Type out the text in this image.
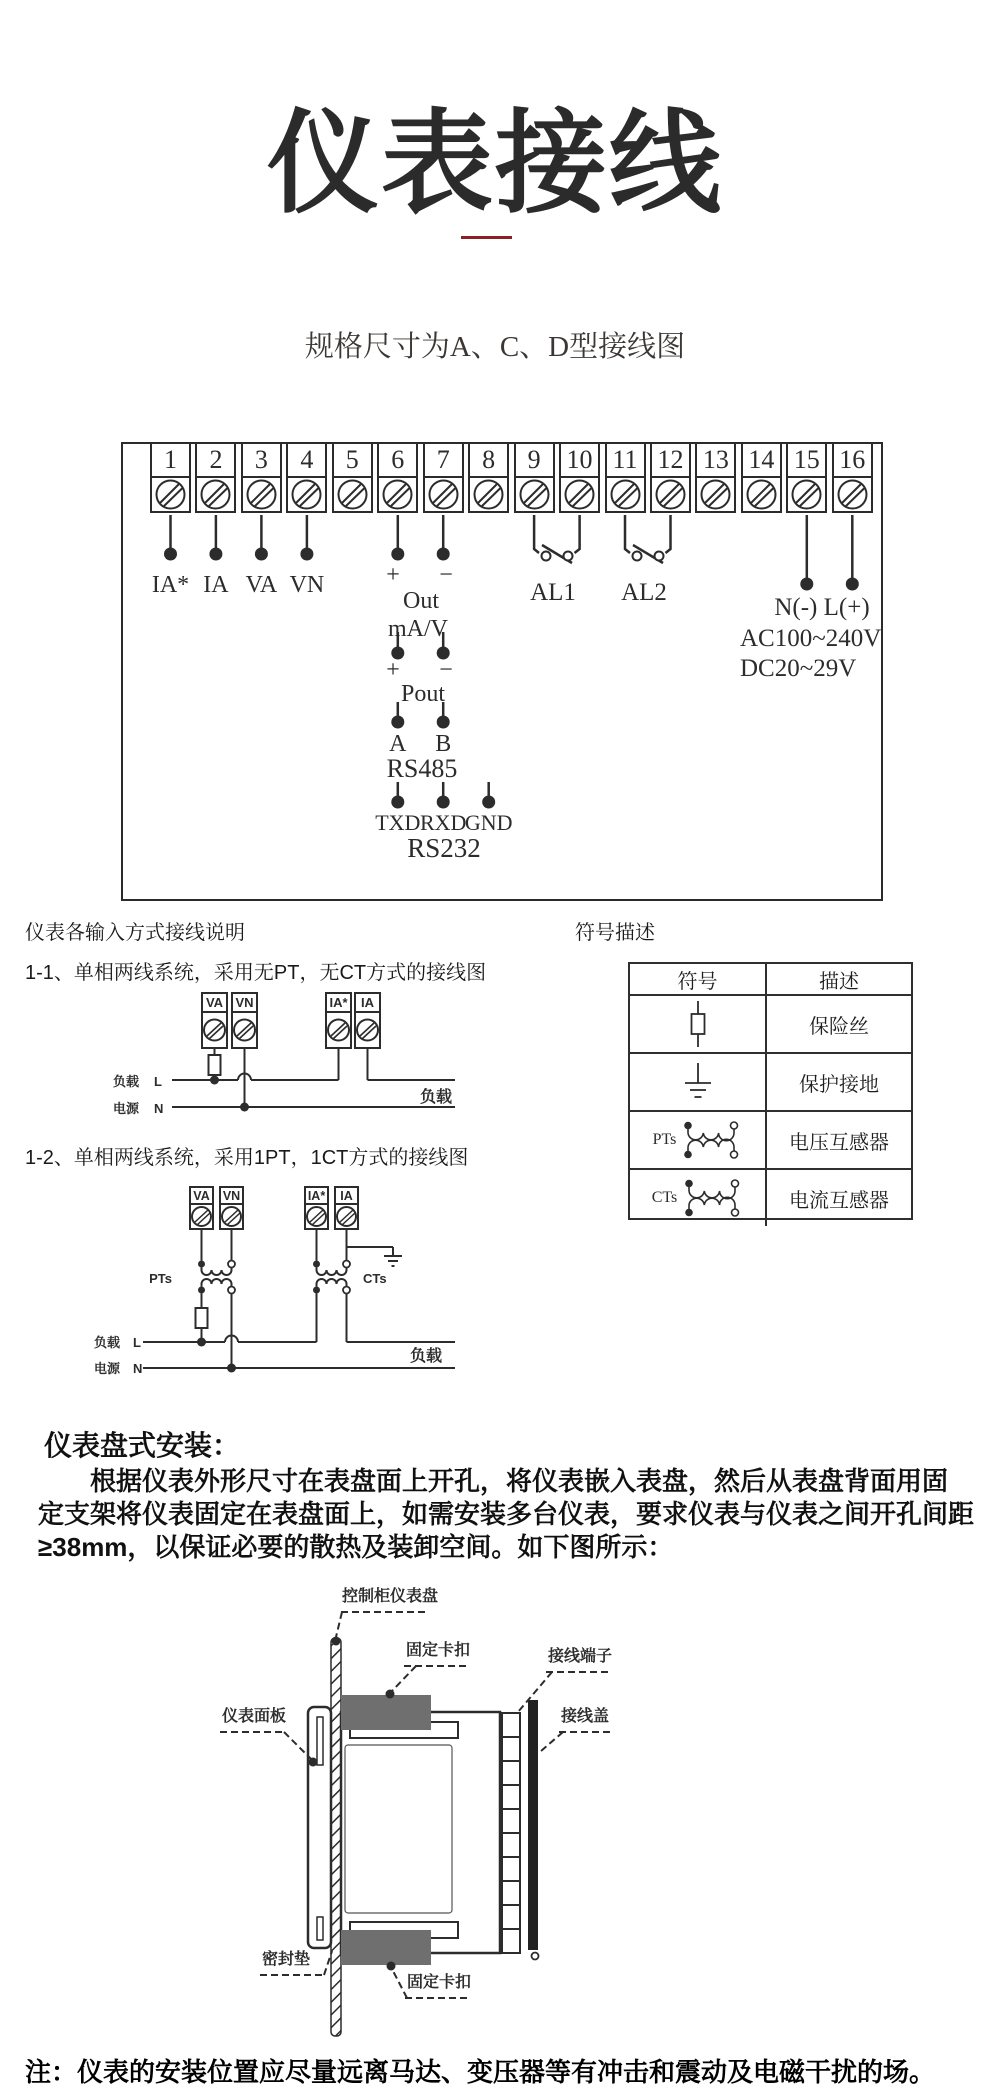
仪表接线
规格尺寸为A、C、D型接线图
1	2	3	4	5	6	7	8	9 10 11 12 13 14 15 16
IA* IA VA VN	+ −
Out
mA/V
+ −
Pout
A B
RS485
TXD RXD
GND
RS232
AL1 AL2
N(-) L(+)
AC100~240V
DC20~29V
仪表各输入方式接线说明	符号描述
1-1、单相两线系统，采用无PT，无CT方式的接线图
VA VN	IA* IA
负载 L
电源 N
负载
符号	描述
保险丝
保护接地
PTs	电压互感器
CTs	电流互感器
1-2、单相两线系统，采用1PT，1CT方式的接线图
VA VN	IA* IA
PTs	CTs
负载 L
电源 N
负载
仪表盘式安装：
根据仪表外形尺寸在表盘面上开孔，将仪表嵌入表盘，然后从表盘背面用固
定支架将仪表固定在表盘面上，如需安装多台仪表，要求仪表与仪表之间开孔间距
≥38mm，以保证必要的散热及装卸空间。如下图所示：
控制柜仪表盘
固定卡扣	接线端子
接线盖
仪表面板
密封垫
固定卡扣
注：仪表的安装位置应尽量远离马达、变压器等有冲击和震动及电磁干扰的场。
